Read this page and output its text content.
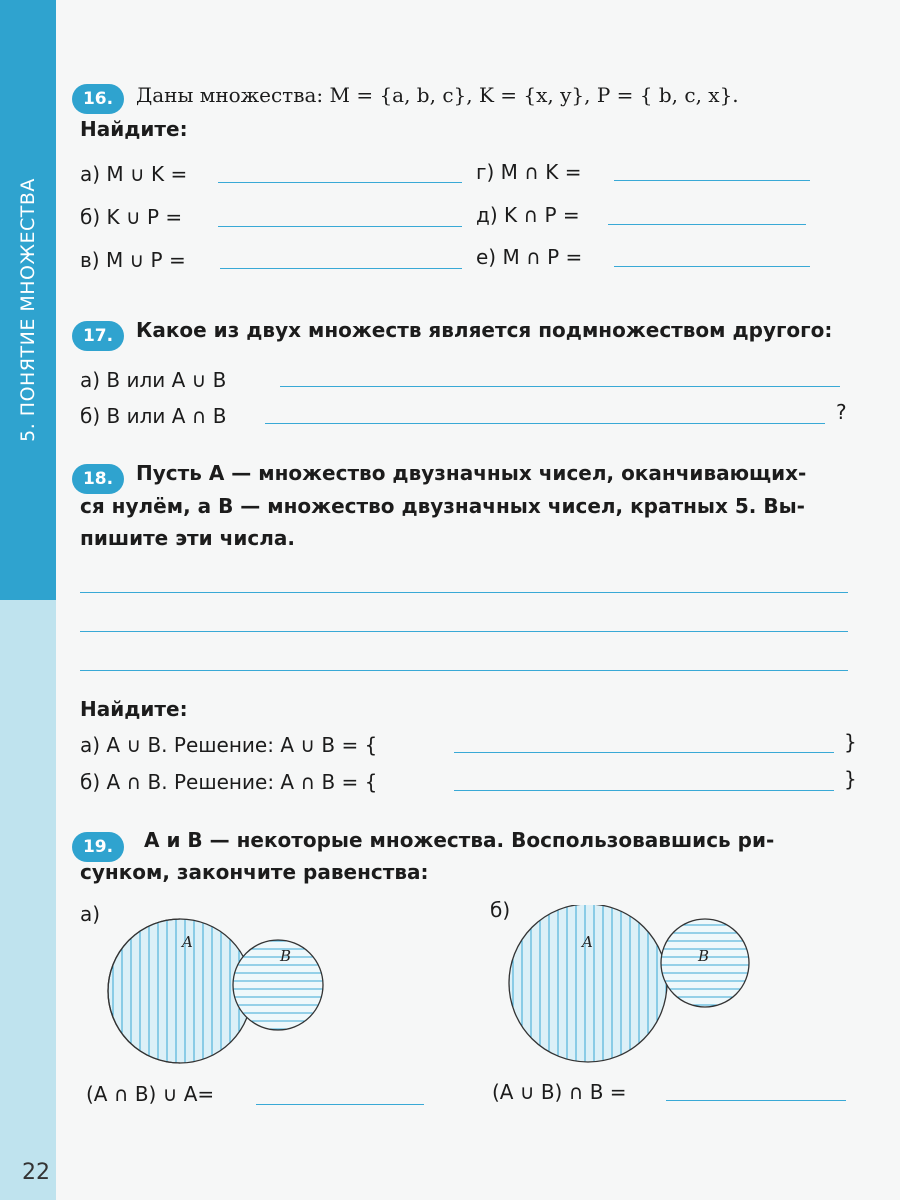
5. ПОНЯТИЕ МНОЖЕСТВА
22
16.	Даны множества: M = {a, b, c}, K = {x, y}, P = { b, c, x}.
Найдите:
а) M ∪ K =
б) K ∪ P =
в) M ∪ P =
г) M ∩ K =
д) K ∩ P =
е) M ∩ P =
17.	Какое из двух множеств является подмножеством другого:
а) B или A ∪ B
б) B или A ∩ B	?
18.	Пусть A — множество двузначных чисел, оканчивающих-
ся нулём, а B — множество двузначных чисел, кратных 5. Вы-
пишите эти числа.
Найдите:
а) A ∪ B. Решение: A ∪ B = {	}
б) A ∩ B. Решение: A ∩ B = {	}
19.	А и В — некоторые множества. Воспользовавшись ри-
сунком, закончите равенства:
а)	б)
A
B
A
B
(A ∩ B) ∪ A=	(A ∪ B) ∩ B =
